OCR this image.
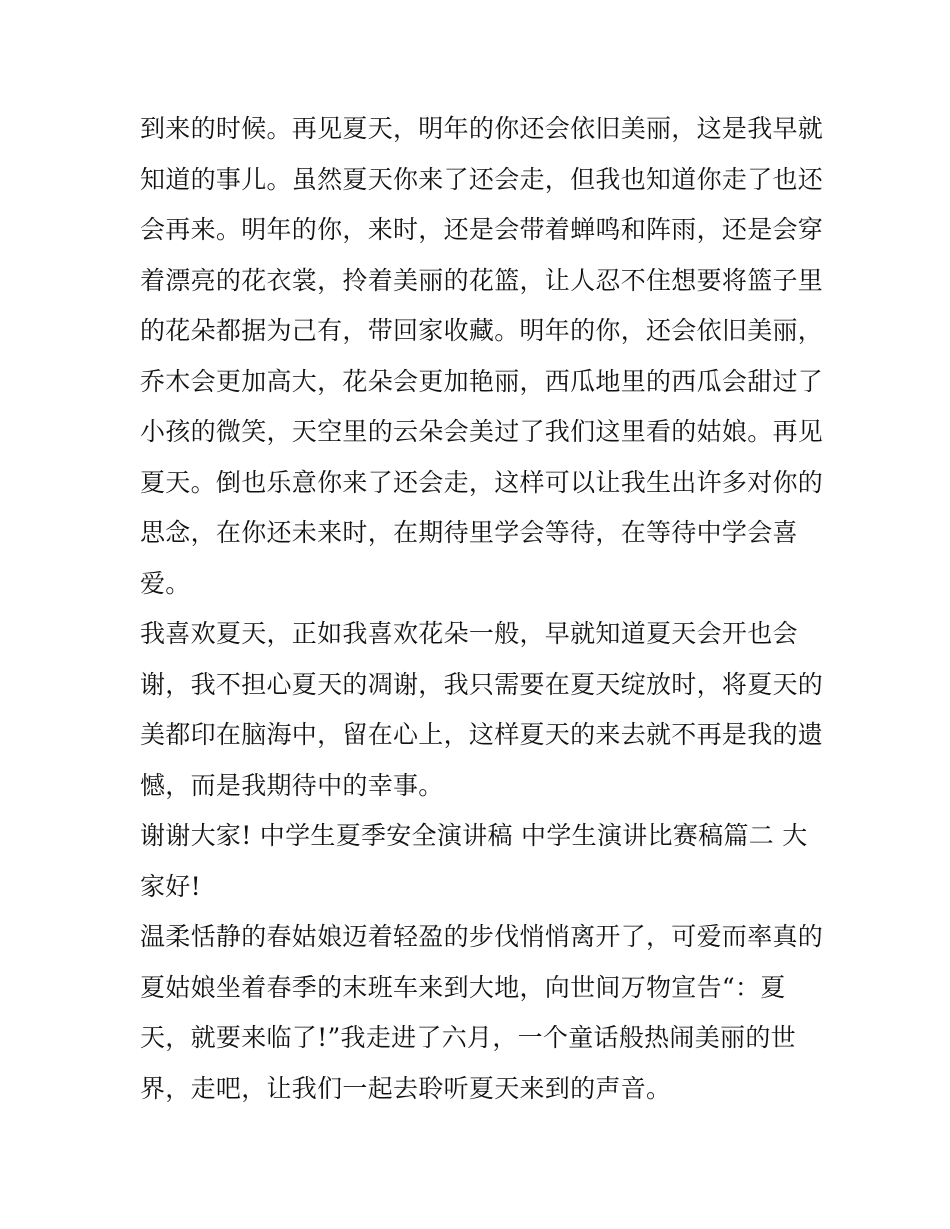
到来的时候。再见夏天，明年的你还会依旧美丽，这是我早就
知道的事儿。虽然夏天你来了还会走，但我也知道你走了也还
会再来。明年的你，来时，还是会带着蝉鸣和阵雨，还是会穿
着漂亮的花衣裳，拎着美丽的花篮，让人忍不住想要将篮子里
的花朵都据为己有，带回家收藏。明年的你，还会依旧美丽，
乔木会更加高大，花朵会更加艳丽，西瓜地里的西瓜会甜过了
小孩的微笑，天空里的云朵会美过了我们这里看的姑娘。再见
夏天。倒也乐意你来了还会走，这样可以让我生出许多对你的
思念，在你还未来时，在期待里学会等待，在等待中学会喜
爱。
我喜欢夏天，正如我喜欢花朵一般，早就知道夏天会开也会
谢，我不担心夏天的凋谢，我只需要在夏天绽放时，将夏天的
美都印在脑海中，留在心上，这样夏天的来去就不再是我的遗
憾，而是我期待中的幸事。
谢谢大家! 中学生夏季安全演讲稿 中学生演讲比赛稿篇二 大
家好!
温柔恬静的春姑娘迈着轻盈的步伐悄悄离开了，可爱而率真的
夏姑娘坐着春季的末班车来到大地，向世间万物宣告“：夏
天，就要来临了!”我走进了六月，一个童话般热闹美丽的世
界，走吧，让我们一起去聆听夏天来到的声音。
